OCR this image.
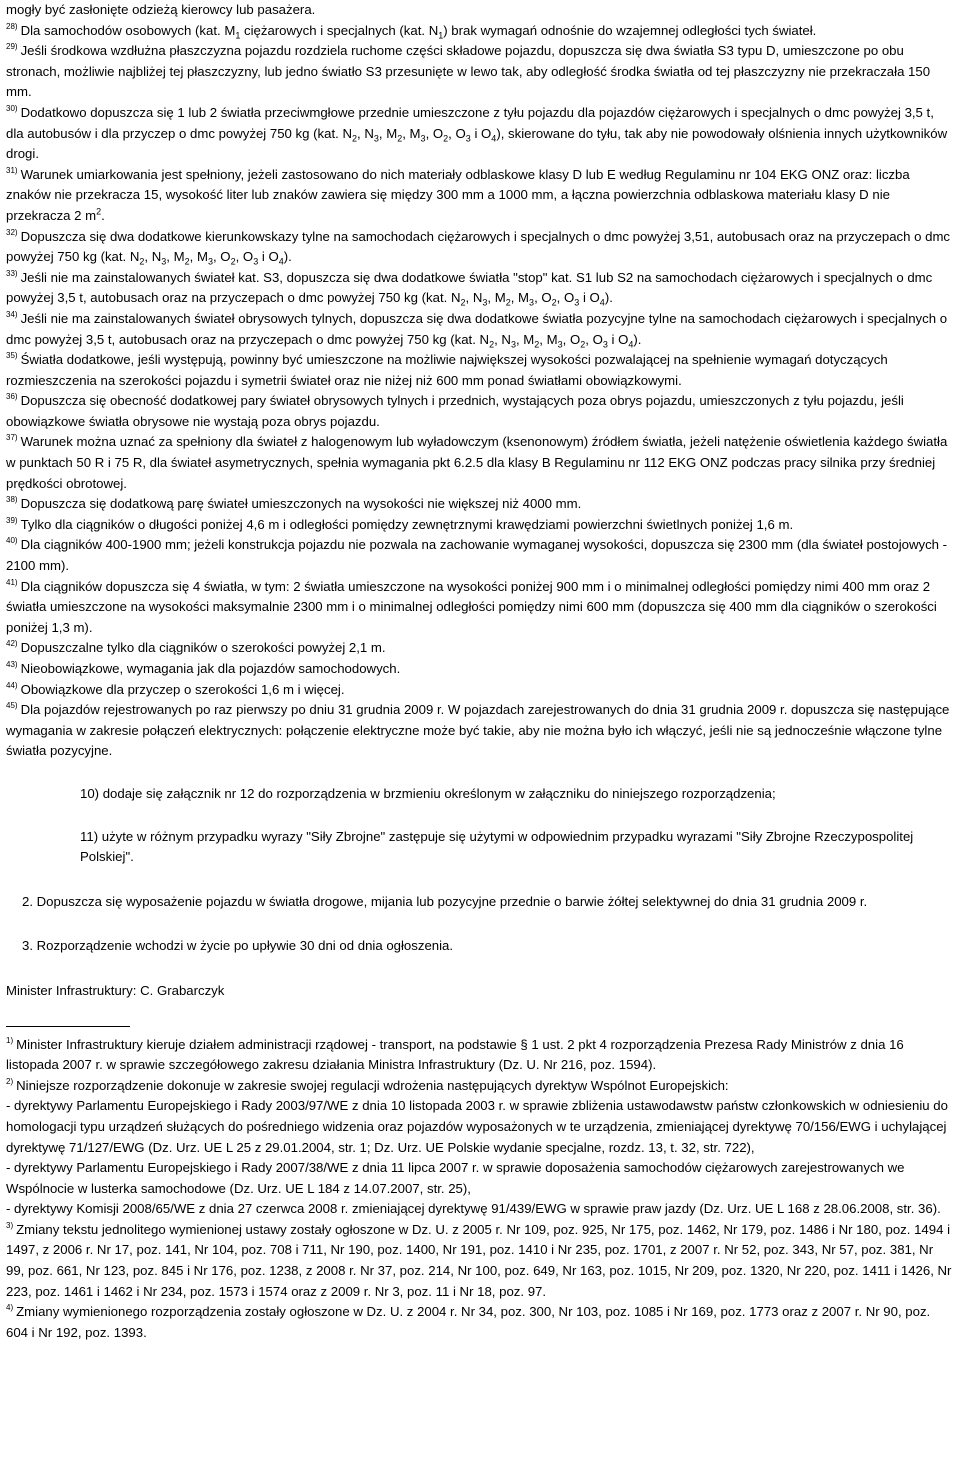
mogły być zasłonięte odzieżą kierowcy lub pasażera.

$^{28)}$ Dla samochodów osobowych (kat. $M_1$ ciężarowych i specjalnych (kat. $N_1$) brak wymagań odnośnie do wzajemnej odległości tych świateł.

$^{29)}$ Jeśli środkowa wzdłużna płaszczyzna pojazdu rozdziela ruchome części składowe pojazdu, dopuszcza się dwa światła S3 typu D, umieszczone po obu stronach, możliwie najbliżej tej płaszczyzny, lub jedno światło S3 przesunięte w lewo tak, aby odległość środka światła od tej płaszczyzny nie przekraczała 150 mm.

$^{30)}$ Dodatkowo dopuszcza się 1 lub 2 światła przeciwmgłowe przednie umieszczone z tyłu pojazdu dla pojazdów ciężarowych i specjalnych o dmc powyżej 3,5 t, dla autobusów i dla przyczep o dmc powyżej 750 kg (kat. $N_2$, $N_3$, $M_2$, $M_3$, $O_2$, $O_3$ i $O_4$), skierowane do tyłu, tak aby nie powodowały olśnienia innych użytkowników drogi.

$^{31)}$ Warunek umiarkowania jest spełniony, jeżeli zastosowano do nich materiały odblaskowe klasy D lub E według Regulaminu nr 104 EKG ONZ oraz: liczba znaków nie przekracza 15, wysokość liter lub znaków zawiera się między 300 mm a 1000 mm, a łączna powierzchnia odblaskowa materiału klasy D nie przekracza 2 $m^2$.

$^{32)}$ Dopuszcza się dwa dodatkowe kierunkowskazy tylne na samochodach ciężarowych i specjalnych o dmc powyżej 3,51, autobusach oraz na przyczepach o dmc powyżej 750 kg (kat. $N_2$, $N_3$, $M_2$, $M_3$, $O_2$, $O_3$ i $O_4$).

$^{33)}$ Jeśli nie ma zainstalowanych świateł kat. S3, dopuszcza się dwa dodatkowe światła "stop" kat. S1 lub S2 na samochodach ciężarowych i specjalnych o dmc powyżej 3,5 t, autobusach oraz na przyczepach o dmc powyżej 750 kg (kat. $N_2$, $N_3$, $M_2$, $M_3$, $O_2$, $O_3$ i $O_4$).

$^{34)}$ Jeśli nie ma zainstalowanych świateł obrysowych tylnych, dopuszcza się dwa dodatkowe światła pozycyjne tylne na samochodach ciężarowych i specjalnych o dmc powyżej 3,5 t, autobusach oraz na przyczepach o dmc powyżej 750 kg (kat. $N_2$, $N_3$, $M_2$, $M_3$, $O_2$, $O_3$ i $O_4$).

$^{35)}$ Światła dodatkowe, jeśli występują, powinny być umieszczone na możliwie największej wysokości pozwalającej na spełnienie wymagań dotyczących rozmieszczenia na szerokości pojazdu i symetrii świateł oraz nie niżej niż 600 mm ponad światłami obowiązkowymi.

$^{36)}$ Dopuszcza się obecność dodatkowej pary świateł obrysowych tylnych i przednich, wystających poza obrys pojazdu, umieszczonych z tyłu pojazdu, jeśli obowiązkowe światła obrysowe nie wystają poza obrys pojazdu.

$^{37)}$ Warunek można uznać za spełniony dla świateł z halogenowym lub wyładowczym (ksenonowym) źródłem światła, jeżeli natężenie oświetlenia każdego światła w punktach 50 R i 75 R, dla świateł asymetrycznych, spełnia wymagania pkt 6.2.5 dla klasy B Regulaminu nr 112 EKG ONZ podczas pracy silnika przy średniej prędkości obrotowej.

$^{38)}$ Dopuszcza się dodatkową parę świateł umieszczonych na wysokości nie większej niż 4000 mm.

$^{39)}$ Tylko dla ciągników o długości poniżej 4,6 m i odległości pomiędzy zewnętrznymi krawędziami powierzchni świetlnych poniżej 1,6 m.

$^{40)}$ Dla ciągników 400-1900 mm; jeżeli konstrukcja pojazdu nie pozwala na zachowanie wymaganej wysokości, dopuszcza się 2300 mm (dla świateł postojowych - 2100 mm).

$^{41)}$ Dla ciągników dopuszcza się 4 światła, w tym: 2 światła umieszczone na wysokości poniżej 900 mm i o minimalnej odległości pomiędzy nimi 400 mm oraz 2 światła umieszczone na wysokości maksymalnie 2300 mm i o minimalnej odległości pomiędzy nimi 600 mm (dopuszcza się 400 mm dla ciągników o szerokości poniżej 1,3 m).

$^{42)}$ Dopuszczalne tylko dla ciągników o szerokości powyżej 2,1 m.

$^{43)}$ Nieobowiązkowe, wymagania jak dla pojazdów samochodowych.

$^{44)}$ Obowiązkowe dla przyczep o szerokości 1,6 m i więcej.

$^{45)}$ Dla pojazdów rejestrowanych po raz pierwszy po dniu 31 grudnia 2009 r. W pojazdach zarejestrowanych do dnia 31 grudnia 2009 r. dopuszcza się następujące wymagania w zakresie połączeń elektrycznych: połączenie elektryczne może być takie, aby nie można było ich włączyć, jeśli nie są jednocześnie włączone tylne światła pozycyjne.

10) dodaje się załącznik nr 12 do rozporządzenia w brzmieniu określonym w załączniku do niniejszego rozporządzenia;

11) użyte w różnym przypadku wyrazy "Siły Zbrojne" zastępuje się użytymi w odpowiednim przypadku wyrazami "Siły Zbrojne Rzeczypospolitej Polskiej".

2. Dopuszcza się wyposażenie pojazdu w światła drogowe, mijania lub pozycyjne przednie o barwie żółtej selektywnej do dnia 31 grudnia 2009 r.

3. Rozporządzenie wchodzi w życie po upływie 30 dni od dnia ogłoszenia.

Minister Infrastruktury: C. Grabarczyk

$^{1)}$ Minister Infrastruktury kieruje działem administracji rządowej - transport, na podstawie § 1 ust. 2 pkt 4 rozporządzenia Prezesa Rady Ministrów z dnia 16 listopada 2007 r. w sprawie szczegółowego zakresu działania Ministra Infrastruktury (Dz. U. Nr 216, poz. 1594).

$^{2)}$ Niniejsze rozporządzenie dokonuje w zakresie swojej regulacji wdrożenia następujących dyrektyw Wspólnot Europejskich:

- dyrektywy Parlamentu Europejskiego i Rady 2003/97/WE z dnia 10 listopada 2003 r. w sprawie zbliżenia ustawodawstw państw członkowskich w odniesieniu do homologacji typu urządzeń służących do pośredniego widzenia oraz pojazdów wyposażonych w te urządzenia, zmieniającej dyrektywę 70/156/EWG i uchylającej dyrektywę 71/127/EWG (Dz. Urz. UE L 25 z 29.01.2004, str. 1; Dz. Urz. UE Polskie wydanie specjalne, rozdz. 13, t. 32, str. 722),

- dyrektywy Parlamentu Europejskiego i Rady 2007/38/WE z dnia 11 lipca 2007 r. w sprawie doposażenia samochodów ciężarowych zarejestrowanych we Wspólnocie w lusterka samochodowe (Dz. Urz. UE L 184 z 14.07.2007, str. 25),

- dyrektywy Komisji 2008/65/WE z dnia 27 czerwca 2008 r. zmieniającej dyrektywę 91/439/EWG w sprawie praw jazdy (Dz. Urz. UE L 168 z 28.06.2008, str. 36).

$^{3)}$ Zmiany tekstu jednolitego wymienionej ustawy zostały ogłoszone w Dz. U. z 2005 r. Nr 109, poz. 925, Nr 175, poz. 1462, Nr 179, poz. 1486 i Nr 180, poz. 1494 i 1497, z 2006 r. Nr 17, poz. 141, Nr 104, poz. 708 i 711, Nr 190, poz. 1400, Nr 191, poz. 1410 i Nr 235, poz. 1701, z 2007 r. Nr 52, poz. 343, Nr 57, poz. 381, Nr 99, poz. 661, Nr 123, poz. 845 i Nr 176, poz. 1238, z 2008 r. Nr 37, poz. 214, Nr 100, poz. 649, Nr 163, poz. 1015, Nr 209, poz. 1320, Nr 220, poz. 1411 i 1426, Nr 223, poz. 1461 i 1462 i Nr 234, poz. 1573 i 1574 oraz z 2009 r. Nr 3, poz. 11 i Nr 18, poz. 97.

$^{4)}$ Zmiany wymienionego rozporządzenia zostały ogłoszone w Dz. U. z 2004 r. Nr 34, poz. 300, Nr 103, poz. 1085 i Nr 169, poz. 1773 oraz z 2007 r. Nr 90, poz. 604 i Nr 192, poz. 1393.
